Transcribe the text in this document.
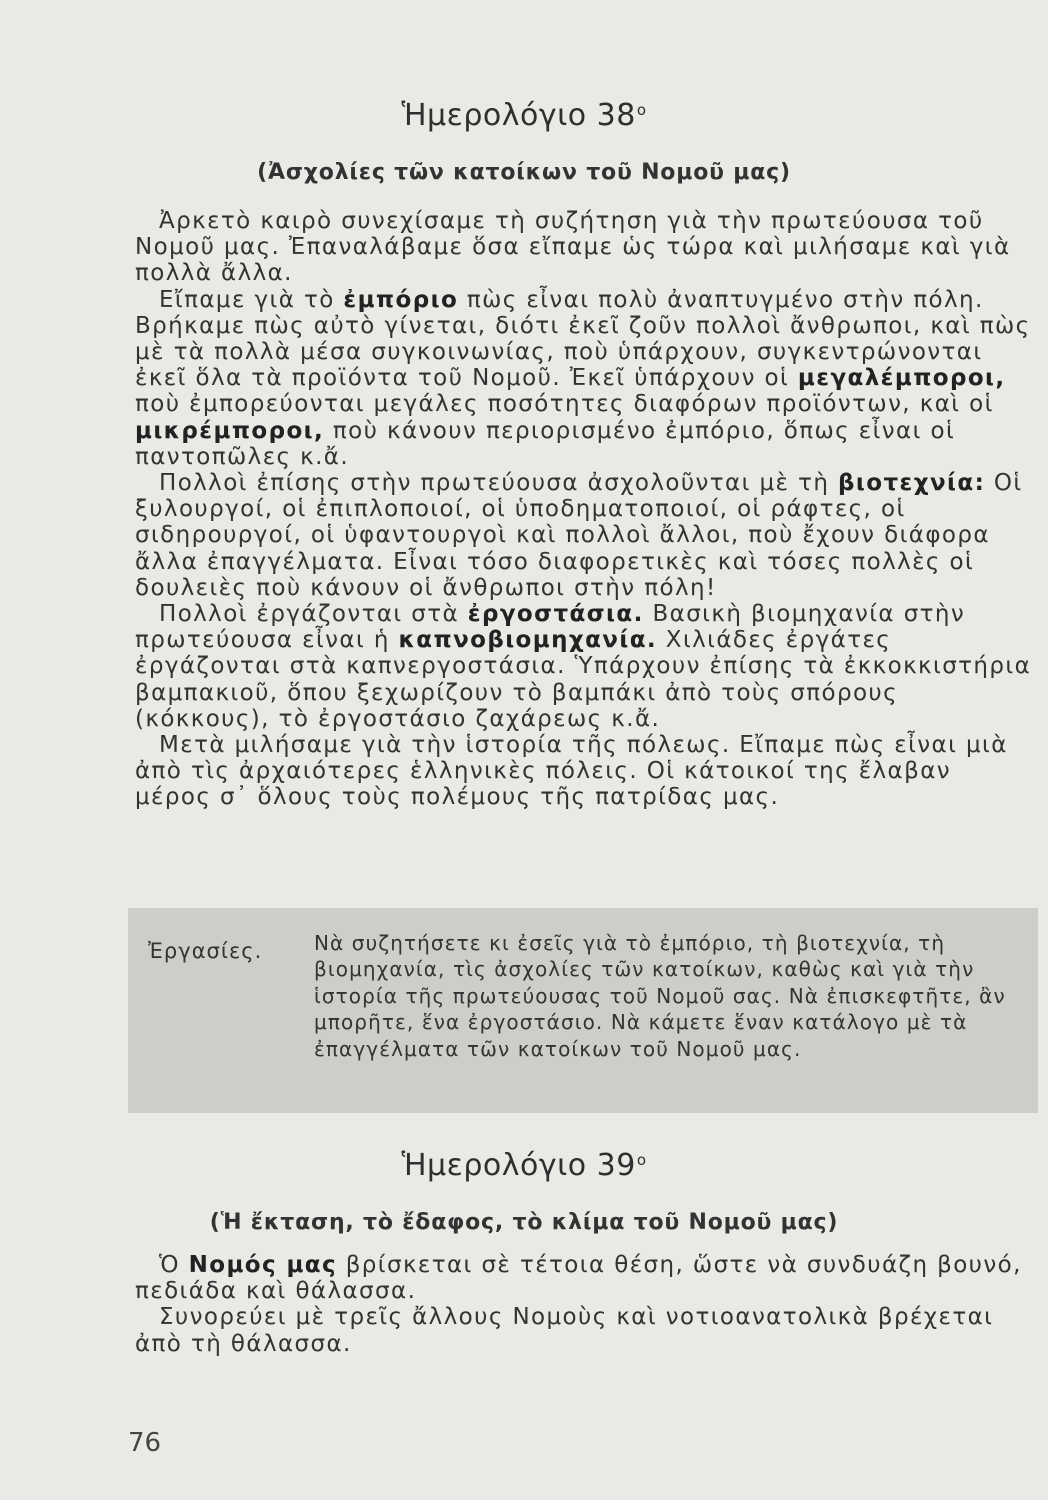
Ἡμερολόγιο $38^o$
(Ἀσχολίες τῶν κατοίκων τοῦ Νομοῦ μας)

Ἀρκετὸ καιρὸ συνεχίσαμε τὴ συζήτηση γιὰ τὴν πρωτεύουσα τοῦ Νομοῦ μας. Ἐπαναλάβαμε ὅσα εἴπαμε ὡς τώρα καὶ μιλήσαμε καὶ γιὰ πολλὰ ἄλλα.

Εἴπαμε γιὰ τὸ ἐμπόριο πὼς εἶναι πολὺ ἀναπτυγμένο στὴν πόλη. Βρήκαμε πὼς αὐτὸ γίνεται, διότι ἐκεῖ ζοῦν πολλοὶ ἄνθρωποι, καὶ πὼς μὲ τὰ πολλὰ μέσα συγκοινωνίας, ποὺ ὑπάρχουν, συγκεντρώνονται ἐκεῖ ὅλα τὰ προϊόντα τοῦ Νομοῦ. Ἐκεῖ ὑπάρχουν οἱ μεγαλέμποροι, ποὺ ἐμπορεύονται μεγάλες ποσότητες διαφόρων προϊόντων, καὶ οἱ μικρέμποροι, ποὺ κάνουν περιορισμένο ἐμπόριο, ὅπως εἶναι οἱ παντοπῶλες κ.ἄ.

Πολλοὶ ἐπίσης στὴν πρωτεύουσα ἀσχολοῦνται μὲ τὴ βιοτεχνία: Οἱ ξυλουργοί, οἱ ἐπιπλοποιοί, οἱ ὑποδηματοποιοί, οἱ ράφτες, οἱ σιδηρουργοί, οἱ ὑφαντουργοὶ καὶ πολλοὶ ἄλλοι, ποὺ ἔχουν διάφορα ἄλλα ἐπαγγέλματα. Εἶναι τόσο διαφορετικὲς καὶ τόσες πολλὲς οἱ δουλειὲς ποὺ κάνουν οἱ ἄνθρωποι στὴν πόλη!

Πολλοὶ ἐργάζονται στὰ ἐργοστάσια. Βασικὴ βιομηχανία στὴν πρωτεύουσα εἶναι ἡ καπνοβιομηχανία. Χιλιάδες ἐργάτες ἐργάζονται στὰ καπνεργοστάσια. Ὑπάρχουν ἐπίσης τὰ ἐκκοκκιστήρια βαμπακιοῦ, ὅπου ξεχωρίζουν τὸ βαμπάκι ἀπὸ τοὺς σπόρους (κόκκους), τὸ ἐργοστάσιο ζαχάρεως κ.ἄ.

Μετὰ μιλήσαμε γιὰ τὴν ἱστορία τῆς πόλεως. Εἴπαμε πὼς εἶναι μιὰ ἀπὸ τὶς ἀρχαιότερες ἑλληνικὲς πόλεις. Οἱ κάτοικοί της ἔλαβαν μέρος σ᾽ ὅλους τοὺς πολέμους τῆς πατρίδας μας.

Ἐργασίες.	Νὰ συζητήσετε κι ἐσεῖς γιὰ τὸ ἐμπόριο, τὴ βιοτεχνία, τὴ βιομηχανία, τὶς ἀσχολίες τῶν κατοίκων, καθὼς καὶ γιὰ τὴν ἱστορία τῆς πρωτεύουσας τοῦ Νομοῦ σας. Νὰ ἐπισκεφτῆτε, ἂν μπορῆτε, ἕνα ἐργοστάσιο. Νὰ κάμετε ἕναν κατάλογο μὲ τὰ ἐπαγγέλματα τῶν κατοίκων τοῦ Νομοῦ μας.
Ἡμερολόγιο $39^o$
(Ἡ ἔκταση, τὸ ἔδαφος, τὸ κλίμα τοῦ Νομοῦ μας)

Ὁ Νομός μας βρίσκεται σὲ τέτοια θέση, ὥστε νὰ συνδυάζη βουνό, πεδιάδα καὶ θάλασσα.

Συνορεύει μὲ τρεῖς ἄλλους Νομοὺς καὶ νοτιοανατολικὰ βρέχεται ἀπὸ τὴ θάλασσα.

76
